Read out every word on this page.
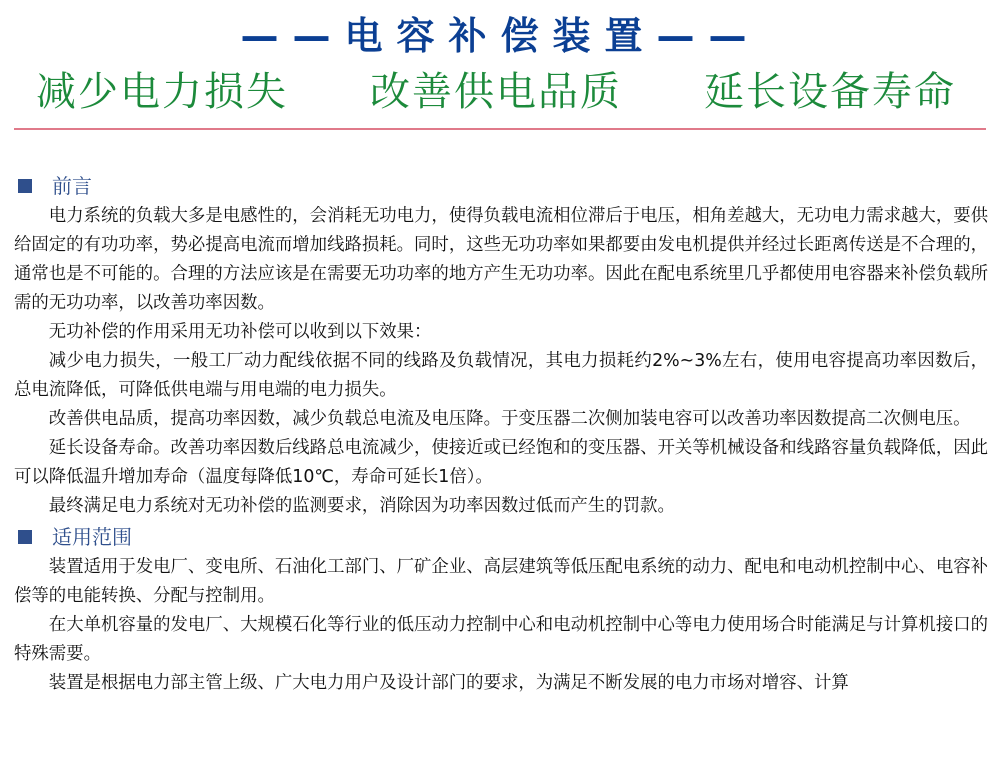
——电容补偿装置——
减少电力损失 改善供电品质 延长设备寿命
前言

电力系统的负载大多是电感性的，会消耗无功电力，使得负载电流相位滞后于电压，相角差越大，无功电力需求越大，要供给固定的有功功率，势必提高电流而增加线路损耗。同时，这些无功功率如果都要由发电机提供并经过长距离传送是不合理的，通常也是不可能的。合理的方法应该是在需要无功功率的地方产生无功功率。因此在配电系统里几乎都使用电容器来补偿负载所需的无功功率，以改善功率因数。

无功补偿的作用采用无功补偿可以收到以下效果：

减少电力损失，一般工厂动力配线依据不同的线路及负载情况，其电力损耗约2%~3%左右，使用电容提高功率因数后，总电流降低，可降低供电端与用电端的电力损失。

改善供电品质，提高功率因数，减少负载总电流及电压降。于变压器二次侧加装电容可以改善功率因数提高二次侧电压。

延长设备寿命。改善功率因数后线路总电流减少，使接近或已经饱和的变压器、开关等机械设备和线路容量负载降低，因此可以降低温升增加寿命（温度每降低10℃，寿命可延长1倍）。

最终满足电力系统对无功补偿的监测要求，消除因为功率因数过低而产生的罚款。

适用范围

装置适用于发电厂、变电所、石油化工部门、厂矿企业、高层建筑等低压配电系统的动力、配电和电动机控制中心、电容补偿等的电能转换、分配与控制用。

在大单机容量的发电厂、大规模石化等行业的低压动力控制中心和电动机控制中心等电力使用场合时能满足与计算机接口的特殊需要。

装置是根据电力部主管上级、广大电力用户及设计部门的要求，为满足不断发展的电力市场对增容、计算
